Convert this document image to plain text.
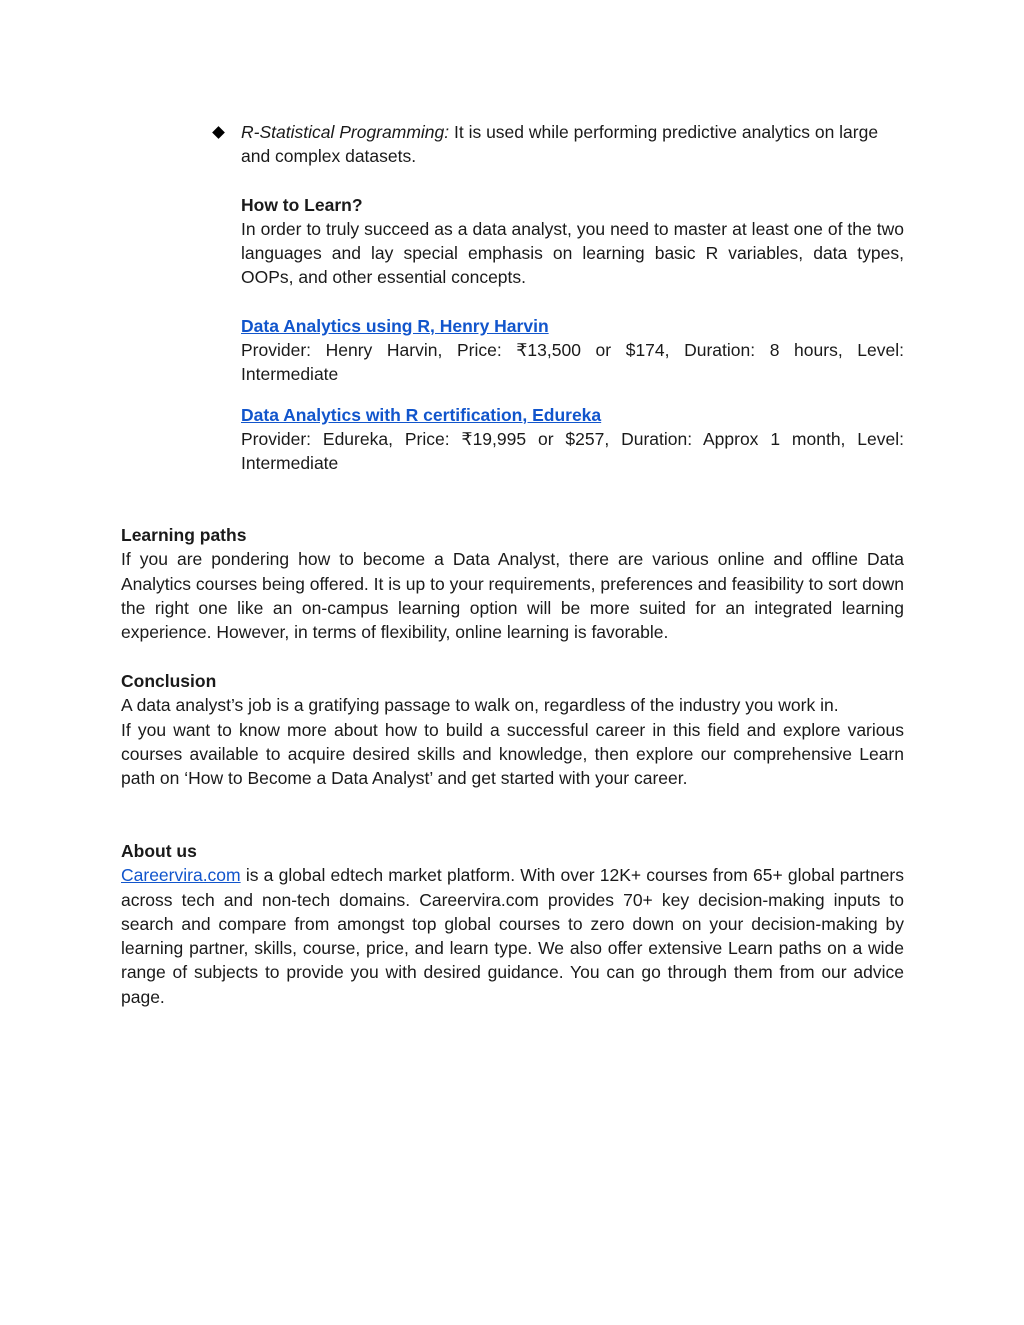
R-Statistical Programming: It is used while performing predictive analytics on large and complex datasets.

How to Learn?

In order to truly succeed as a data analyst, you need to master at least one of the two languages and lay special emphasis on learning basic R variables, data types, OOPs, and other essential concepts.

Data Analytics using R, Henry Harvin

Provider: Henry Harvin, Price: ₹13,500 or $174, Duration: 8 hours, Level: Intermediate

Data Analytics with R certification, Edureka

Provider: Edureka, Price: ₹19,995 or $257, Duration: Approx 1 month, Level: Intermediate

Learning paths

If you are pondering how to become a Data Analyst, there are various online and offline Data Analytics courses being offered. It is up to your requirements, preferences and feasibility to sort down the right one like an on-campus learning option will be more suited for an integrated learning experience. However, in terms of flexibility, online learning is favorable.

Conclusion

A data analyst’s job is a gratifying passage to walk on, regardless of the industry you work in.

If you want to know more about how to build a successful career in this field and explore various courses available to acquire desired skills and knowledge, then explore our comprehensive Learn path on ‘How to Become a Data Analyst’ and get started with your career.

About us

Careervira.com is a global edtech market platform. With over 12K+ courses from 65+ global partners across tech and non-tech domains. Careervira.com provides 70+ key decision-making inputs to search and compare from amongst top global courses to zero down on your decision-making by learning partner, skills, course, price, and learn type. We also offer extensive Learn paths on a wide range of subjects to provide you with desired guidance. You can go through them from our advice page.
